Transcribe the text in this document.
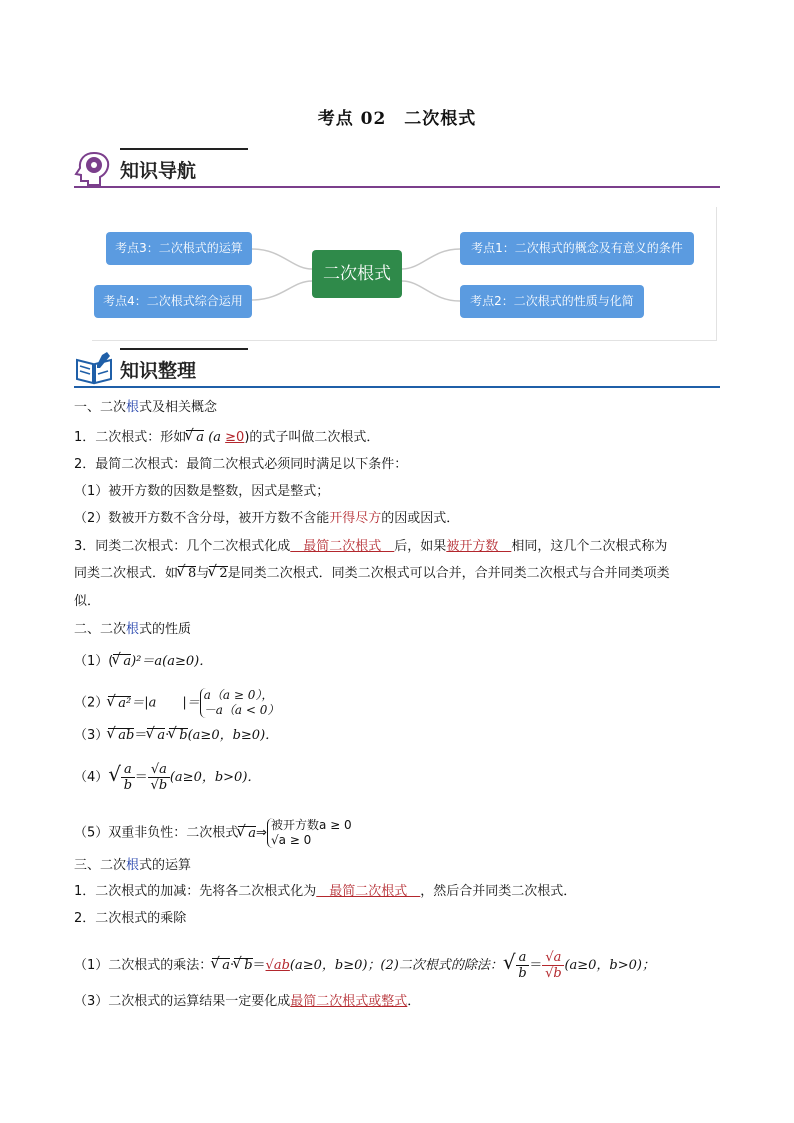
考点 02　二次根式
知识导航
考点3：二次根式的运算
考点4：二次根式综合运用
二次根式
考点1：二次根式的概念及有意义的条件
考点2：二次根式的性质与化简
知识整理
一、二次根式及相关概念
1．二次根式：形如 √ a (a ≥0)的式子叫做二次根式．
2．最简二次根式：最简二次根式必须同时满足以下条件：
（1）被开方数的因数是整数，因式是整式；
（2）数被开方数不含分母，被开方数不含能开得尽方的因或因式．
3．同类二次根式：几个二次根式化成　最简二次根式　后，如果被开方数　相同，这几个二次根式称为
同类二次根式．如 √ 8与 √ 2是同类二次根式．同类二次根式可以合并，合并同类二次根式与合并同类项类
似．
二、二次根式的性质
（1）( √ a)²＝a(a≥0)．
（2） √ a²＝|a　　|＝
a（a ≥ 0），
－a（a < 0）
（3） √ ab＝ √ a· √ b(a≥0，b≥0)．
$(4)√ \frac{a}{b} = \frac{√a}{√b} (a\ge 0$，b>0)．
（5）双重非负性：二次根式 √ a⇒
被开方数a ≥ 0
√a ≥ 0
三、二次根式的运算
1．二次根式的加减：先将各二次根式化为　最简二次根式　，然后合并同类二次根式．
2．二次根式的乘除
（1）二次根式的乘法： √ a· √ b＝√ab(a≥0，b≥0)；(2)二次根式的除法：√ $\frac{a}{b} = \frac{√a}{√b} (a\ge 0$，b>0)；
（3）二次根式的运算结果一定要化成最简二次根式或整式．
